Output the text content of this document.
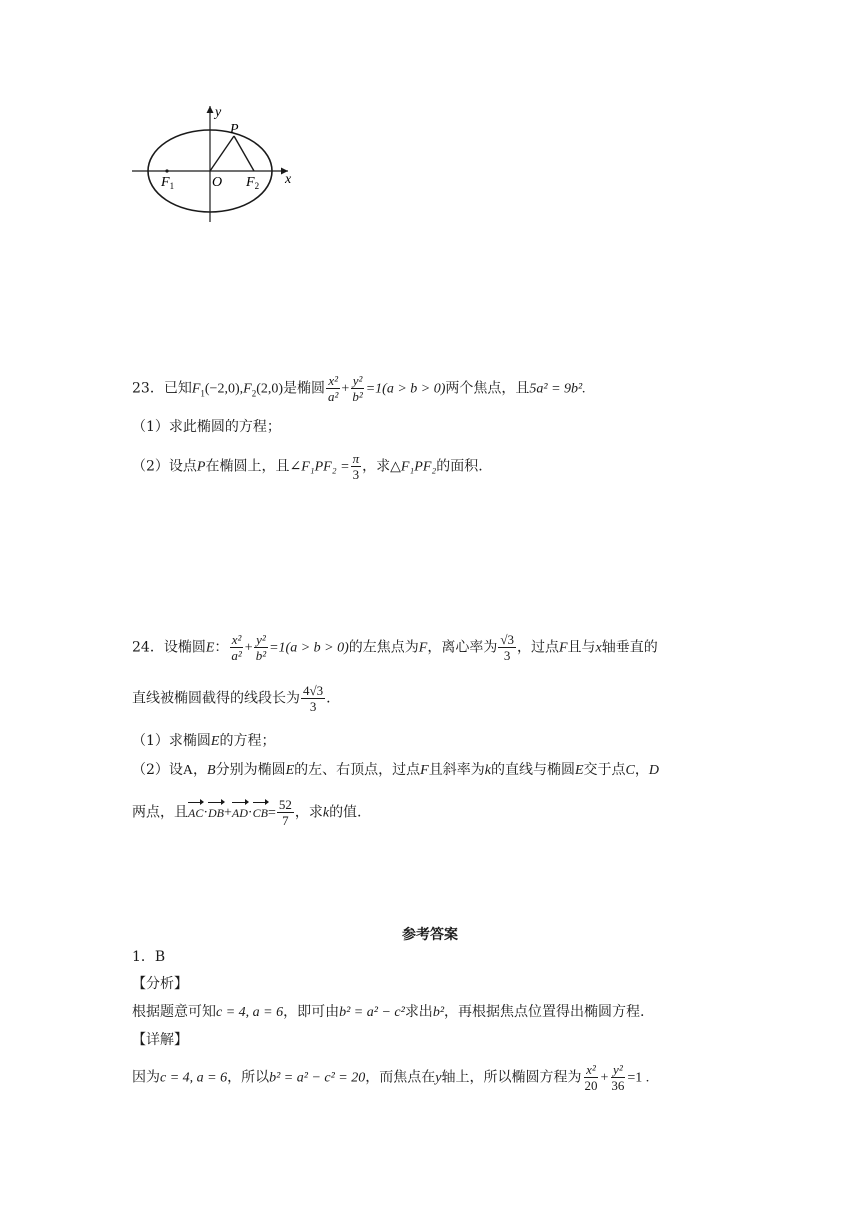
y
P
x
O
$F_1$	$F_2$
23．已知$F_1(-2,0),F_2(2,0)$是椭圆 $\frac{\text{x²}}{\text{a²}} + \frac{\text{y²}}{\text{b²}} =1(a > b > 0)$两个焦点，且5a² = 9b².
（1）求此椭圆的方程；
（2）设点P在椭圆上，且∠F₁PF₂ = $\frac{\pi}{3}$ ，求△F₁PF₂的面积.
24．设椭圆E： $\frac{\text{x²}}{\text{a²}} + \frac{\text{y²}}{\text{b²}} =1(a > b > 0)$的左焦点为F，离心率为 $\frac{√3}{3}$ ，过点F且与x轴垂直的
直线被椭圆截得的线段长为 $\frac{4√3}{3}$ .
（1）求椭圆E的方程；
（2）设A，B分别为椭圆E的左、右顶点，过点F且斜率为k的直线与椭圆E交于点C，D
两点，且$AC\cdot DB+AD\cdot CB= \frac{52}{7}$ ，求k的值.
参考答案
1．B
【分析】
根据题意可知c = 4, a = 6，即可由b² = a² − c²求出b²，再根据焦点位置得出椭圆方程.
【详解】
因为c = 4, a = 6，所以b² = a² − c² = 20，而焦点在y轴上，所以椭圆方程为 $\frac{\text{x²}}{20} + \frac{\text{y²}}{36} =1$ .
